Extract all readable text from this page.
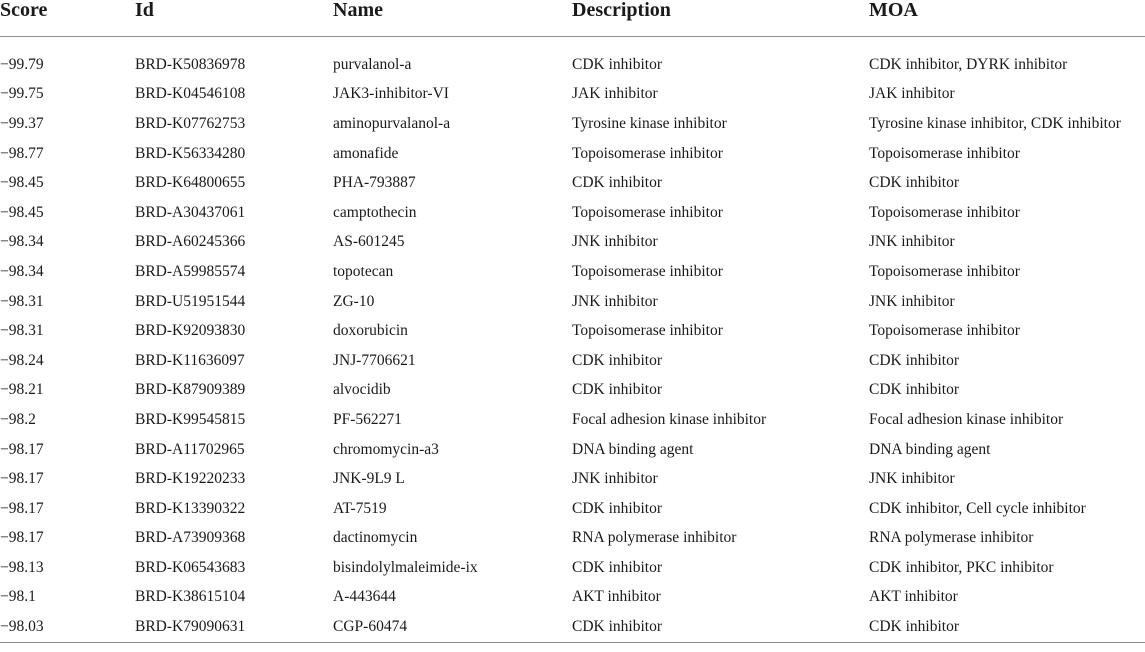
Score	Id	Name	Description	MOA

−99.79	BRD-K50836978	purvalanol-a	CDK inhibitor	CDK inhibitor, DYRK inhibitor
−99.75	BRD-K04546108	JAK3-inhibitor-VI	JAK inhibitor	JAK inhibitor
−99.37	BRD-K07762753	aminopurvalanol-a	Tyrosine kinase inhibitor	Tyrosine kinase inhibitor, CDK inhibitor
−98.77	BRD-K56334280	amonafide	Topoisomerase inhibitor	Topoisomerase inhibitor
−98.45	BRD-K64800655	PHA-793887	CDK inhibitor	CDK inhibitor
−98.45	BRD-A30437061	camptothecin	Topoisomerase inhibitor	Topoisomerase inhibitor
−98.34	BRD-A60245366	AS-601245	JNK inhibitor	JNK inhibitor
−98.34	BRD-A59985574	topotecan	Topoisomerase inhibitor	Topoisomerase inhibitor
−98.31	BRD-U51951544	ZG-10	JNK inhibitor	JNK inhibitor
−98.31	BRD-K92093830	doxorubicin	Topoisomerase inhibitor	Topoisomerase inhibitor
−98.24	BRD-K11636097	JNJ-7706621	CDK inhibitor	CDK inhibitor
−98.21	BRD-K87909389	alvocidib	CDK inhibitor	CDK inhibitor
−98.2	BRD-K99545815	PF-562271	Focal adhesion kinase inhibitor	Focal adhesion kinase inhibitor
−98.17	BRD-A11702965	chromomycin-a3	DNA binding agent	DNA binding agent
−98.17	BRD-K19220233	JNK-9L9 L	JNK inhibitor	JNK inhibitor
−98.17	BRD-K13390322	AT-7519	CDK inhibitor	CDK inhibitor, Cell cycle inhibitor
−98.17	BRD-A73909368	dactinomycin	RNA polymerase inhibitor	RNA polymerase inhibitor
−98.13	BRD-K06543683	bisindolylmaleimide-ix	CDK inhibitor	CDK inhibitor, PKC inhibitor
−98.1	BRD-K38615104	A-443644	AKT inhibitor	AKT inhibitor
−98.03	BRD-K79090631	CGP-60474	CDK inhibitor	CDK inhibitor
